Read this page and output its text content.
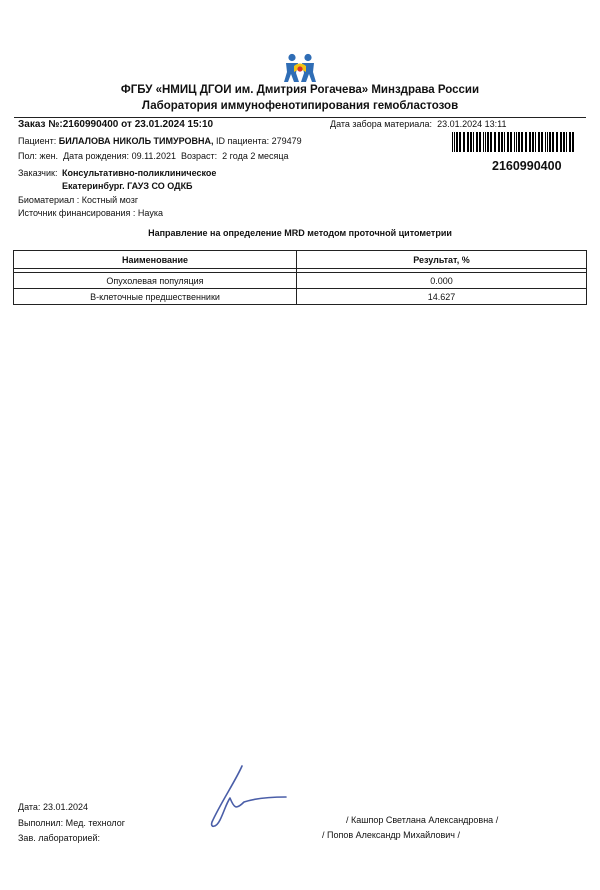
ФГБУ «НМИЦ ДГОИ им. Дмитрия Рогачева» Минздрава России
Лаборатория иммунофенотипирования гемобластозов
Заказ №:2160990400 от 23.01.2024 15:10	Дата забора материала: 23.01.2024 13:11
2160990400
Пациент: БИЛАЛОВА НИКОЛЬ ТИМУРОВНА, ID пациента: 279479
Пол: жен. Дата рождения: 09.11.2021 Возраст: 2 года 2 месяца
Заказчик: Консультативно-поликлиническое
Екатеринбург. ГАУЗ СО ОДКБ
Биоматериал : Костный мозг
Источник финансирования : Наука
Направление на определение MRD методом проточной цитометрии
Наименование	Результат, %

Опухолевая популяция	0.000
В-клеточные предшественники	14.627
Дата: 23.01.2024
Выполнил: Мед. технолог	/ Кашпор Светлана Александровна /
Зав. лабораторией:	/ Попов Александр Михайлович /
